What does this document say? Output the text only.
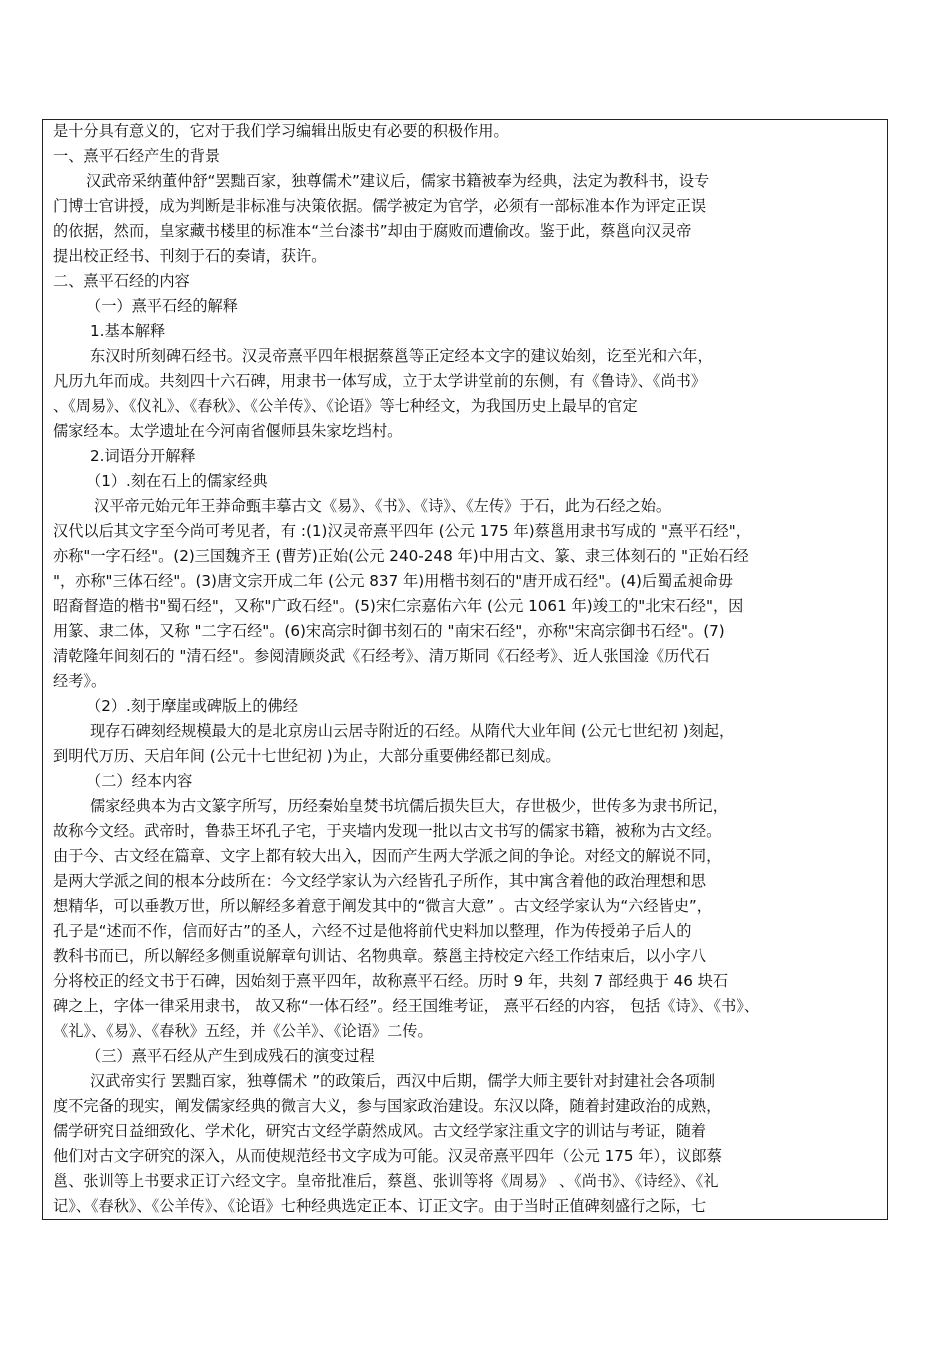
是十分具有意义的，它对于我们学习编辑出版史有必要的积极作用。
一、熹平石经产生的背景
汉武帝采纳董仲舒“罢黜百家，独尊儒术”建议后，儒家书籍被奉为经典，法定为教科书，设专
门博士官讲授，成为判断是非标准与决策依据。儒学被定为官学，必须有一部标准本作为评定正误
的依据，然而，皇家藏书楼里的标准本“兰台漆书”却由于腐败而遭偷改。鉴于此，蔡邕向汉灵帝
提出校正经书、刊刻于石的奏请，获许。
二、熹平石经的内容
（一）熹平石经的解释
1.基本解释
东汉时所刻碑石经书。汉灵帝熹平四年根据蔡邕等正定经本文字的建议始刻，讫至光和六年，
凡历九年而成。共刻四十六石碑，用隶书一体写成，立于太学讲堂前的东侧，有《鲁诗》、《尚书》
、《周易》、《仪礼》、《春秋》、《公羊传》、《论语》等七种经文，为我国历史上最早的官定
儒家经本。太学遗址在今河南省偃师县朱家圪垱村。
2.词语分开解释
（1）.刻在石上的儒家经典
汉平帝元始元年王莽命甄丰摹古文《易》、《书》、《诗》、《左传》于石，此为石经之始。
汉代以后其文字至今尚可考见者，有 :(1)汉灵帝熹平四年 (公元 175 年)蔡邕用隶书写成的 "熹平石经"，
亦称"一字石经"。(2)三国魏齐王 (曹芳)正始(公元 240-248 年)中用古文、篆、隶三体刻石的 "正始石经
"，亦称"三体石经"。(3)唐文宗开成二年 (公元 837 年)用楷书刻石的"唐开成石经"。(4)后蜀孟昶命毋
昭裔督造的楷书"蜀石经"，又称"广政石经"。(5)宋仁宗嘉佑六年 (公元 1061 年)竣工的"北宋石经"，因
用篆、隶二体，又称 "二字石经"。(6)宋高宗时御书刻石的 "南宋石经"，亦称"宋高宗御书石经"。(7)
清乾隆年间刻石的 "清石经"。参阅清顾炎武《石经考》、清万斯同《石经考》、近人张国淦《历代石
经考》。
（2）.刻于摩崖或碑版上的佛经
现存石碑刻经规模最大的是北京房山云居寺附近的石经。从隋代大业年间 (公元七世纪初 )刻起，
到明代万历、天启年间 (公元十七世纪初 )为止，大部分重要佛经都已刻成。
（二）经本内容
儒家经典本为古文篆字所写，历经秦始皇焚书坑儒后损失巨大，存世极少，世传多为隶书所记，
故称今文经。武帝时，鲁恭王坏孔子宅，于夹墙内发现一批以古文书写的儒家书籍，被称为古文经。
由于今、古文经在篇章、文字上都有较大出入，因而产生两大学派之间的争论。对经文的解说不同，
是两大学派之间的根本分歧所在：今文经学家认为六经皆孔子所作，其中寓含着他的政治理想和思
想精华，可以垂教万世，所以解经多着意于阐发其中的“微言大意” 。古文经学家认为“六经皆史”，
孔子是“述而不作，信而好古”的圣人，六经不过是他将前代史料加以整理，作为传授弟子后人的
教科书而已，所以解经多侧重说解章句训诂、名物典章。蔡邕主持校定六经工作结束后，以小字八
分将校正的经文书于石碑，因始刻于熹平四年，故称熹平石经。历时 9 年，共刻 7 部经典于 46 块石
碑之上，字体一律采用隶书， 故又称“一体石经”。经王国维考证， 熹平石经的内容， 包括《诗》、《书》、
《礼》、《易》、《春秋》五经，并《公羊》、《论语》二传。
（三）熹平石经从产生到成残石的演变过程
汉武帝实行 罢黜百家，独尊儒术 ”的政策后，西汉中后期，儒学大师主要针对封建社会各项制
度不完备的现实，阐发儒家经典的微言大义，参与国家政治建设。东汉以降，随着封建政治的成熟，
儒学研究日益细致化、学术化，研究古文经学蔚然成风。古文经学家注重文字的训诂与考证，随着
他们对古文字研究的深入，从而使规范经书文字成为可能。汉灵帝熹平四年（公元 175 年），议郎蔡
邕、张训等上书要求正订六经文字。皇帝批准后，蔡邕、张训等将《周易》 、《尚书》、《诗经》、《礼
记》、《春秋》、《公羊传》、《论语》七种经典选定正本、订正文字。由于当时正值碑刻盛行之际，七
